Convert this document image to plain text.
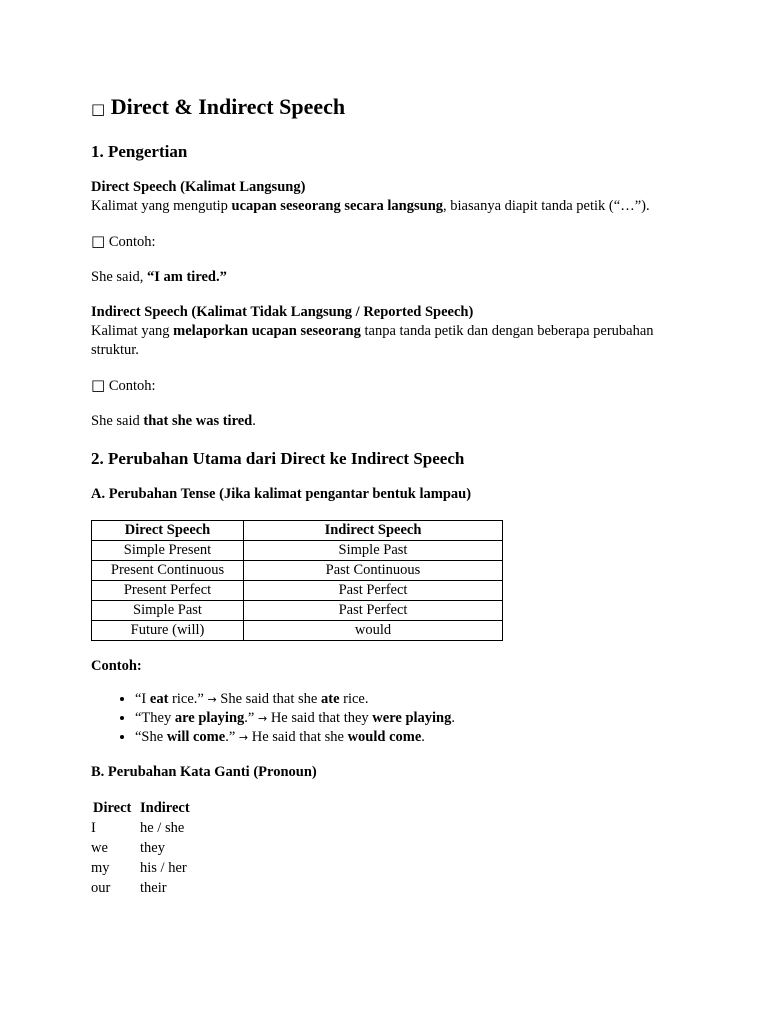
□ Direct & Indirect Speech
1. Pengertian

Direct Speech (Kalimat Langsung)

Kalimat yang mengutip ucapan seseorang secara langsung, biasanya diapit tanda petik (“…”).

□ Contoh:

She said, “I am tired.”

Indirect Speech (Kalimat Tidak Langsung / Reported Speech)

Kalimat yang melaporkan ucapan seseorang tanpa tanda petik dan dengan beberapa perubahan struktur.

□ Contoh:

She said that she was tired.

2. Perubahan Utama dari Direct ke Indirect Speech

A. Perubahan Tense (Jika kalimat pengantar bentuk lampau)

Direct Speech	Indirect Speech
Simple Present	Simple Past
Present Continuous	Past Continuous
Present Perfect	Past Perfect
Simple Past	Past Perfect
Future (will)	would

Contoh:

• “I eat rice.” → She said that she ate rice.
• “They are playing.” → He said that they were playing.
• “She will come.” → He said that she would come.

B. Perubahan Kata Ganti (Pronoun)

Direct	Indirect
I	he / she
we	they
my	his / her
our	their
